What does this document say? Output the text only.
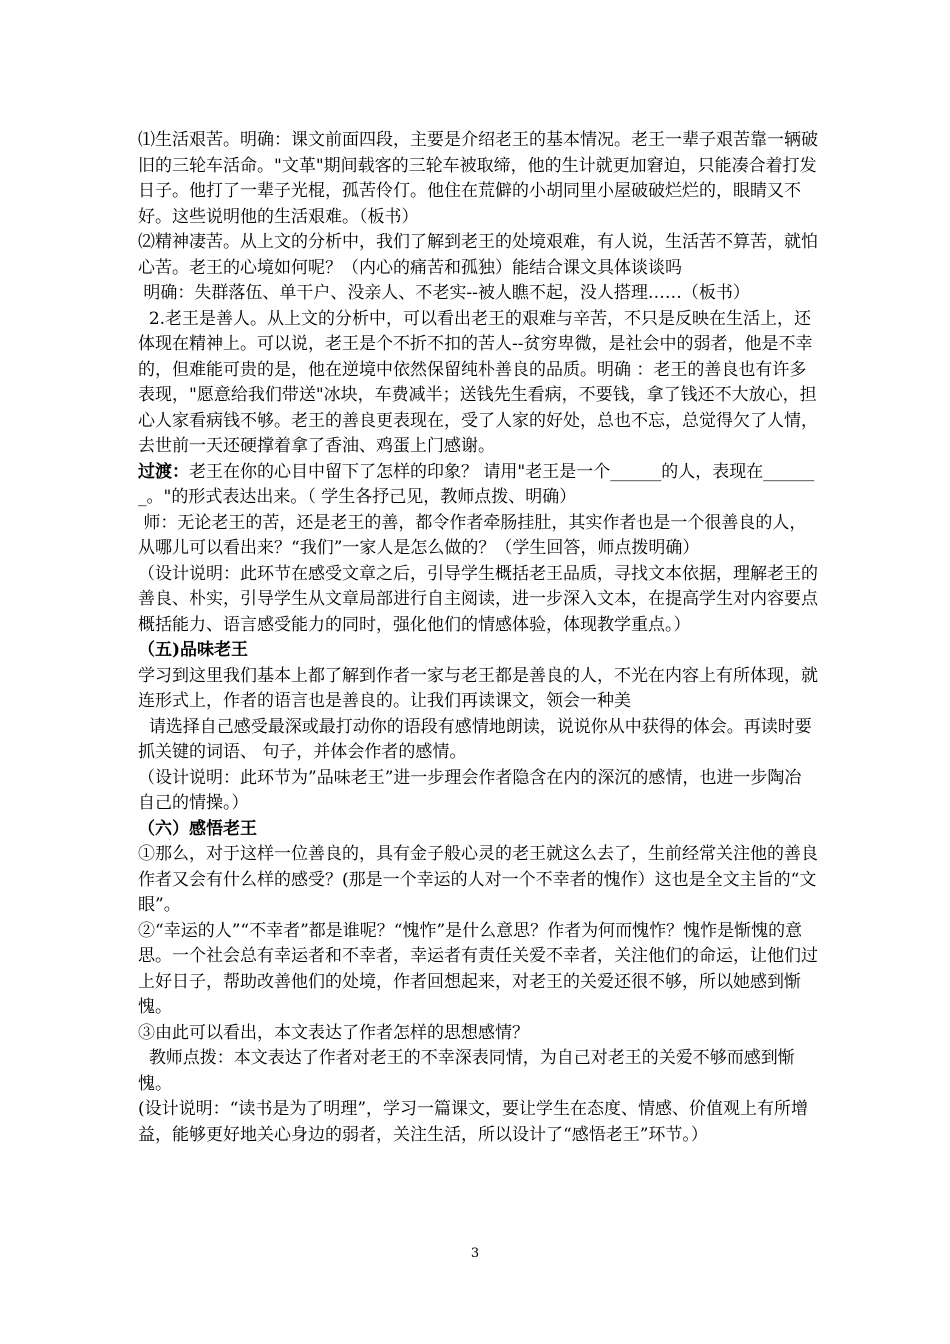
⑴生活艰苦。明确：课文前面四段，主要是介绍老王的基本情况。老王一辈子艰苦靠一辆破旧的三轮车活命。"文革"期间载客的三轮车被取缔，他的生计就更加窘迫，只能凑合着打发日子。他打了一辈子光棍，孤苦伶仃。他住在荒僻的小胡同里小屋破破烂烂的，眼睛又不好。这些说明他的生活艰难。（板书）

⑵精神凄苦。从上文的分析中，我们了解到老王的处境艰难，有人说，生活苦不算苦，就怕心苦。老王的心境如何呢？（内心的痛苦和孤独）能结合课文具体谈谈吗

明确：失群落伍、单干户、没亲人、不老实--被人瞧不起，没人搭理……（板书）

2.老王是善人。从上文的分析中，可以看出老王的艰难与辛苦，不只是反映在生活上，还体现在精神上。可以说，老王是个不折不扣的苦人--贫穷卑微，是社会中的弱者，他是不幸的，但难能可贵的是，他在逆境中依然保留纯朴善良的品质。明确 ：老王的善良也有许多表现，"愿意给我们带送"冰块，车费减半；送钱先生看病，不要钱，拿了钱还不大放心，担心人家看病钱不够。老王的善良更表现在，受了人家的好处，总也不忘，总觉得欠了人情，去世前一天还硬撑着拿了香油、鸡蛋上门感谢。

过渡：老王在你的心目中留下了怎样的印象？ 请用"老王是一个______的人，表现在_______。"的形式表达出来。（ 学生各抒己见，教师点拨、明确）

师：无论老王的苦，还是老王的善，都令作者牵肠挂肚，其实作者也是一个很善良的人，从哪儿可以看出来？“我们”一家人是怎么做的？（学生回答，师点拨明确）

（设计说明：此环节在感受文章之后，引导学生概括老王品质，寻找文本依据，理解老王的善良、朴实，引导学生从文章局部进行自主阅读，进一步深入文本，在提高学生对内容要点概括能力、语言感受能力的同时，强化他们的情感体验，体现教学重点。）

（五)品味老王

学习到这里我们基本上都了解到作者一家与老王都是善良的人，不光在内容上有所体现，就连形式上，作者的语言也是善良的。让我们再读课文，领会一种美

请选择自己感受最深或最打动你的语段有感情地朗读，说说你从中获得的体会。再读时要抓关键的词语、 句子，并体会作者的感情。

（设计说明：此环节为”品味老王”进一步理会作者隐含在内的深沉的感情，也进一步陶冶自己的情操。）

（六）感悟老王

①那么，对于这样一位善良的，具有金子般心灵的老王就这么去了，生前经常关注他的善良作者又会有什么样的感受？(那是一个幸运的人对一个不幸者的愧作）这也是全文主旨的“文眼”。

②“幸运的人”“不幸者”都是谁呢？“愧怍”是什么意思？作者为何而愧怍？愧怍是惭愧的意思。一个社会总有幸运者和不幸者，幸运者有责任关爱不幸者，关注他们的命运，让他们过上好日子，帮助改善他们的处境，作者回想起来，对老王的关爱还很不够，所以她感到惭愧。

③由此可以看出，本文表达了作者怎样的思想感情？

教师点拨：本文表达了作者对老王的不幸深表同情，为自己对老王的关爱不够而感到惭愧。

(设计说明：“读书是为了明理”，学习一篇课文，要让学生在态度、情感、价值观上有所增益，能够更好地关心身边的弱者，关注生活，所以设计了“感悟老王”环节。）

3
